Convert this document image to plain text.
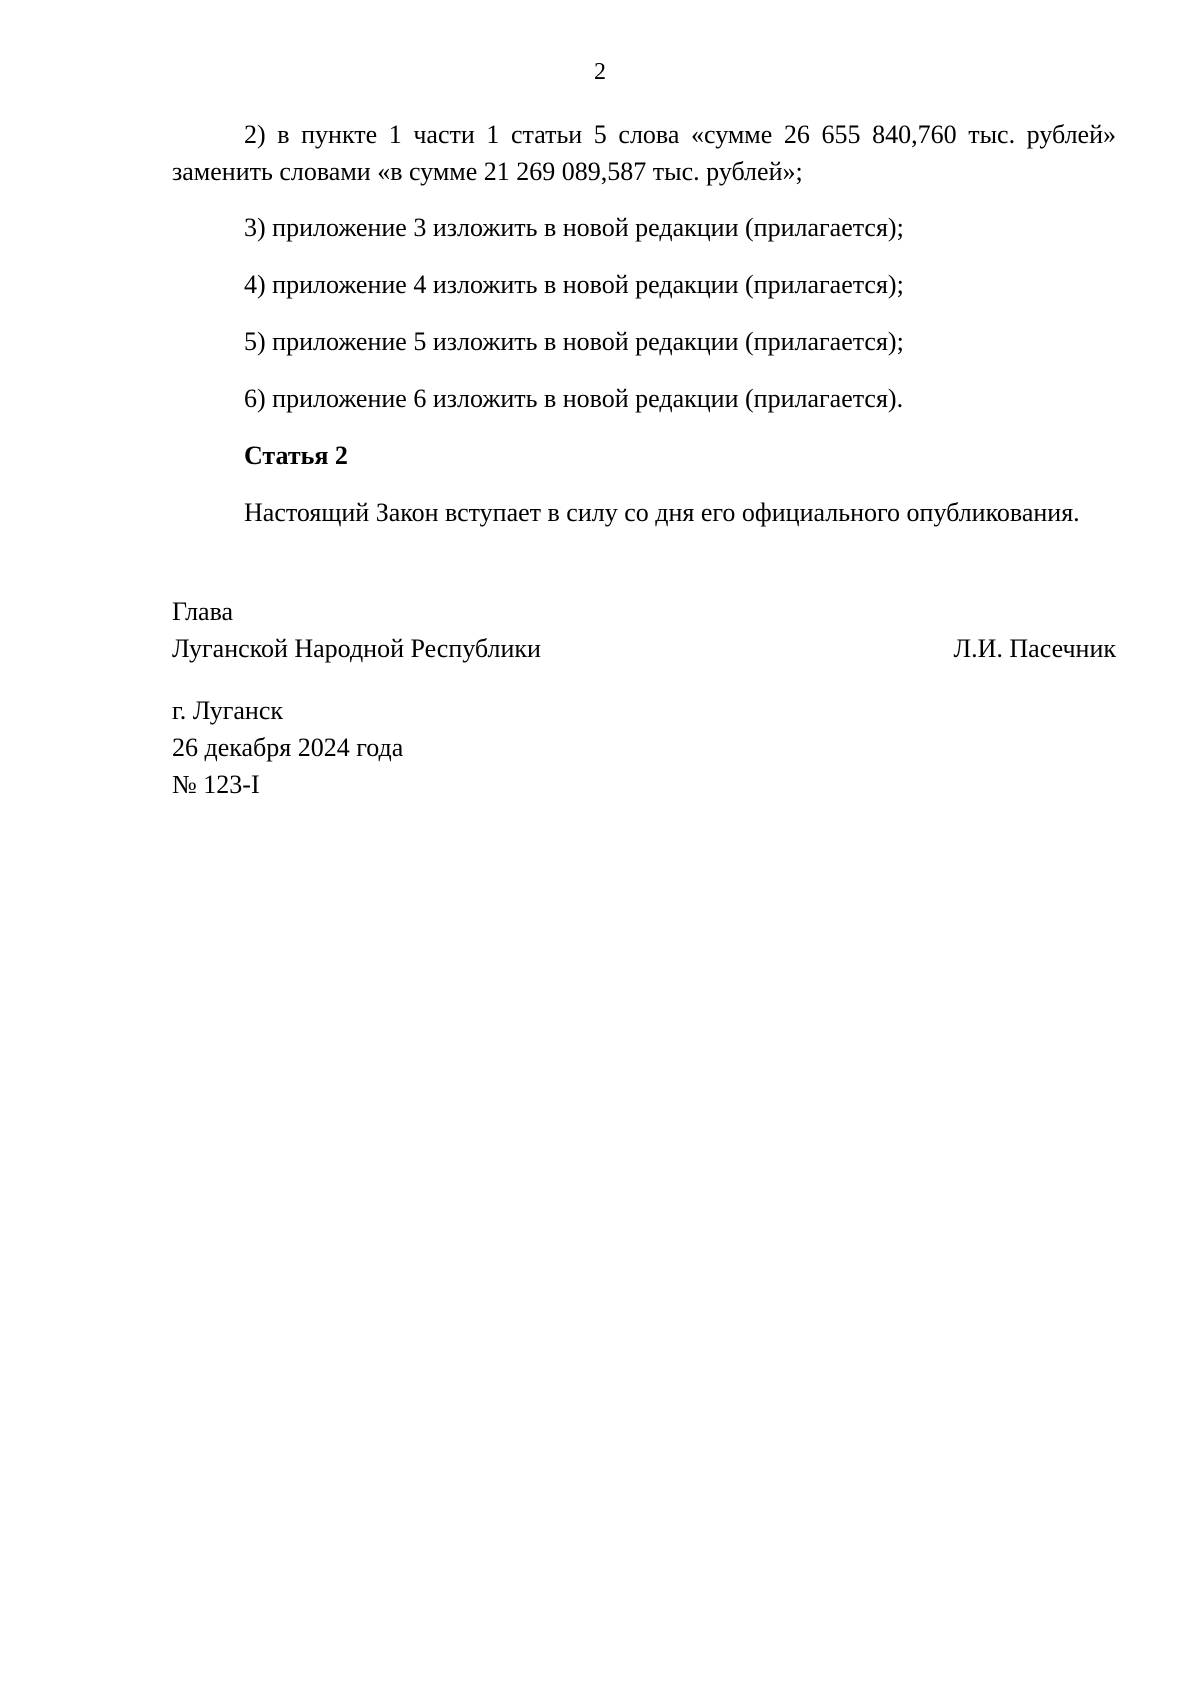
2

2) в пункте 1 части 1 статьи 5 слова «сумме 26 655 840,760 тыс. рублей» заменить словами «в сумме 21 269 089,587 тыс. рублей»;

3) приложение 3 изложить в новой редакции (прилагается);

4) приложение 4 изложить в новой редакции (прилагается);

5) приложение 5 изложить в новой редакции (прилагается);

6) приложение 6 изложить в новой редакции (прилагается).

Статья 2

Настоящий Закон вступает в силу со дня его официального опубликования.

Глава
Луганской Народной Республики	Л.И. Пасечник
г. Луганск
26 декабря 2024 года
№ 123-I
